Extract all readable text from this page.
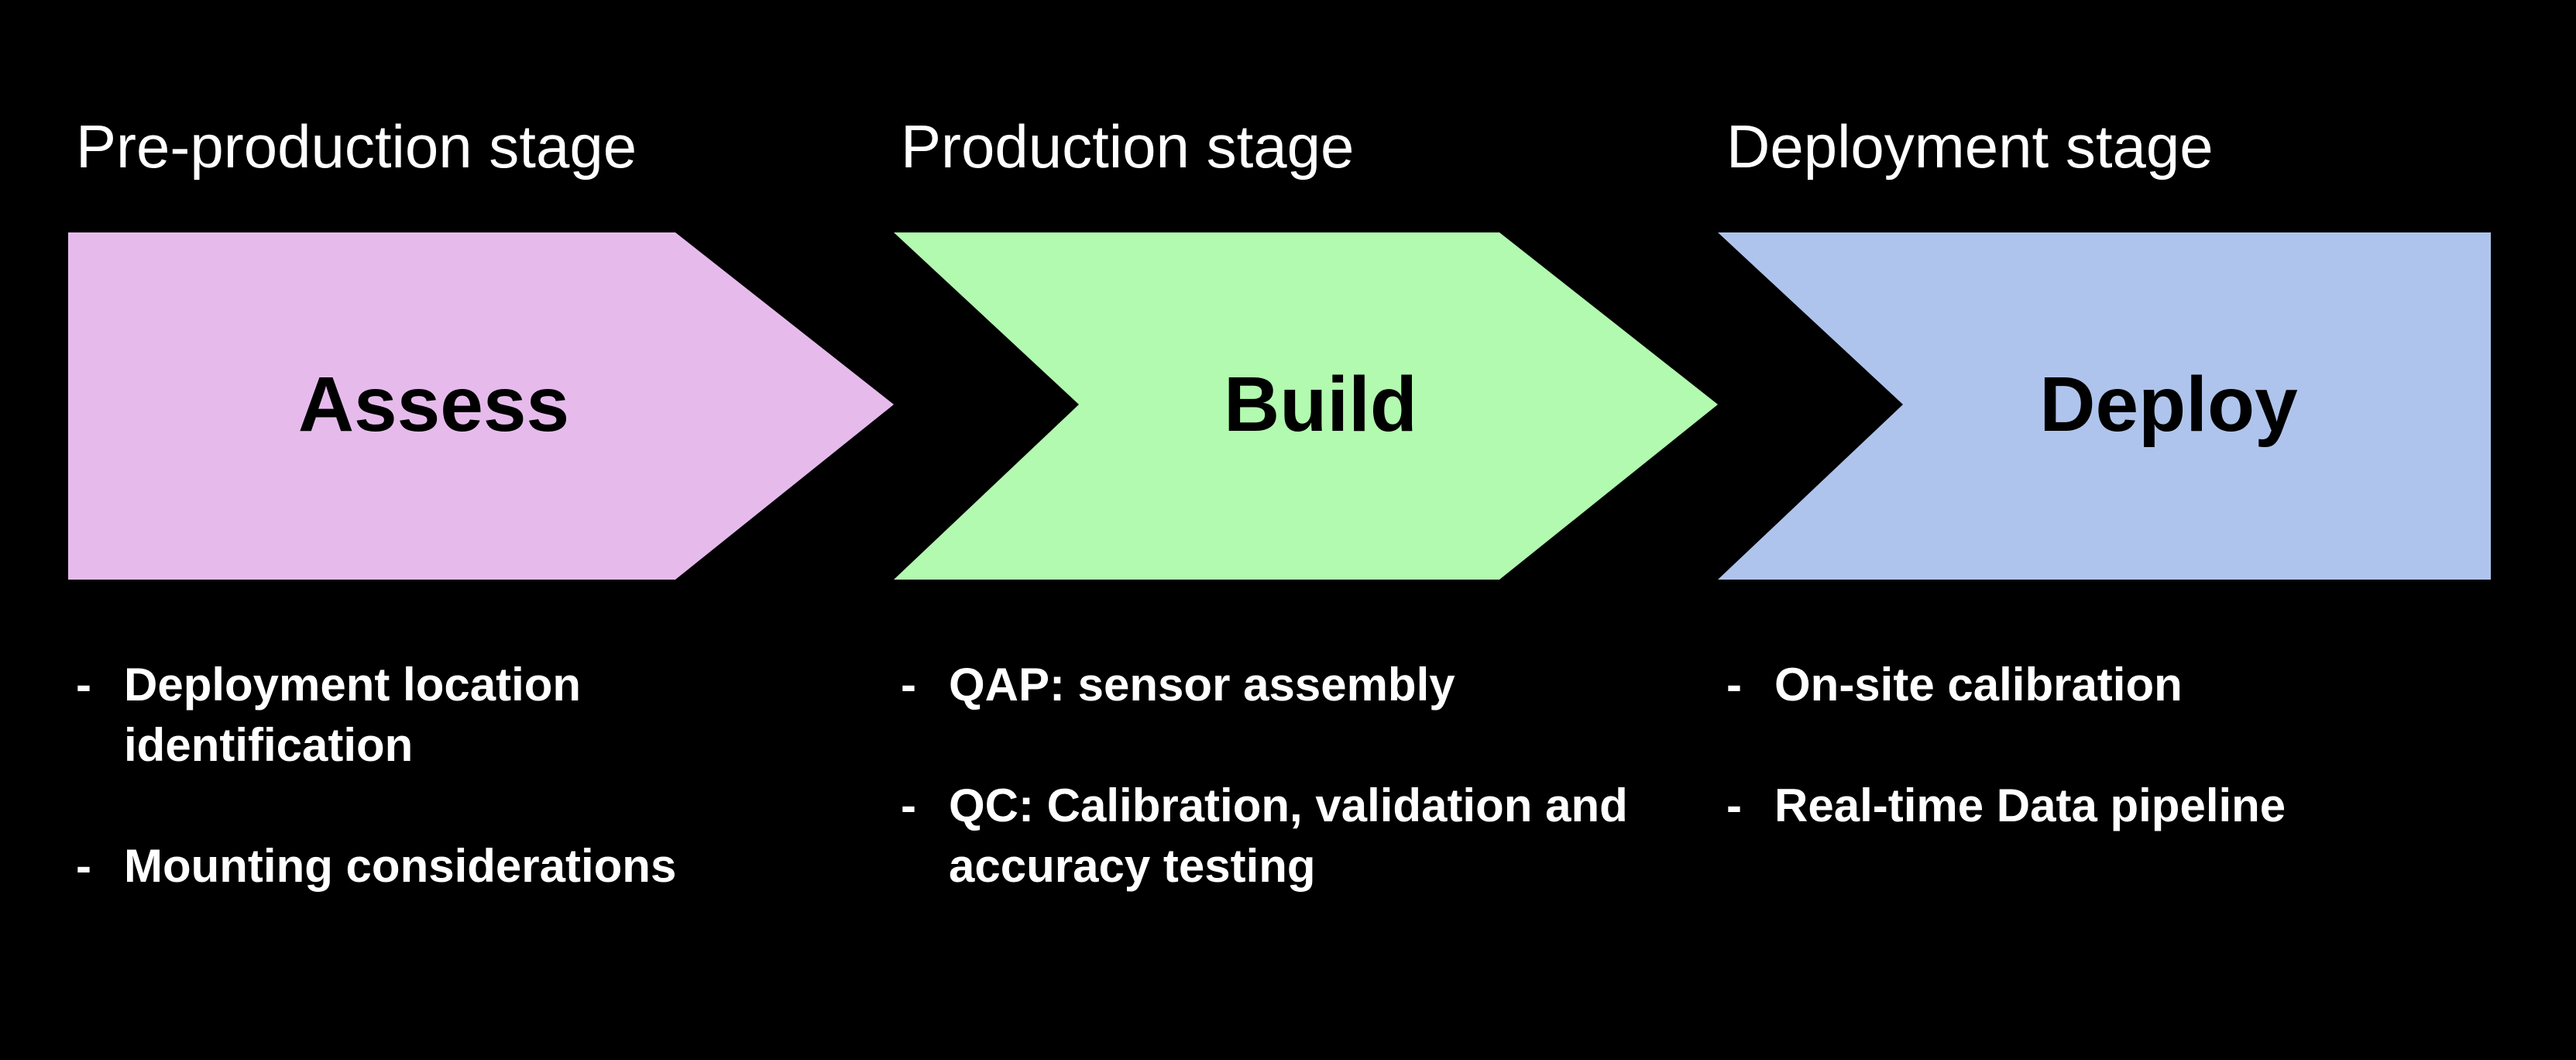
Pre-production stage	Production stage	Deployment stage
Assess	Build	Deploy
- Deployment location identification
- Mounting considerations
- QAP: sensor assembly
- QC: Calibration, validation and accuracy testing
- On-site calibration
- Real-time Data pipeline
